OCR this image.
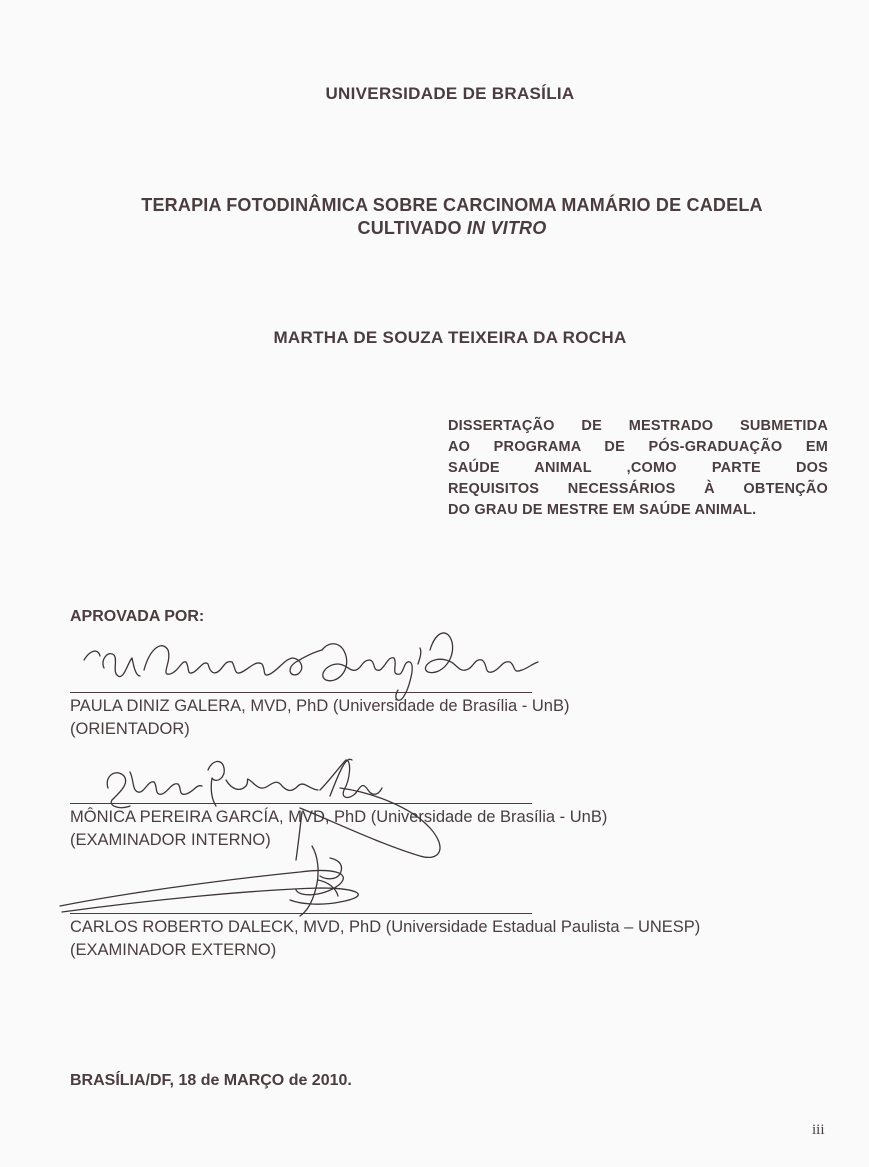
UNIVERSIDADE DE BRASÍLIA
TERAPIA FOTODINÂMICA SOBRE CARCINOMA MAMÁRIO DE CADELA
CULTIVADO IN VITRO
MARTHA DE SOUZA TEIXEIRA DA ROCHA
DISSERTAÇÃO DE MESTRADO SUBMETIDA
AO PROGRAMA DE PÓS-GRADUAÇÃO EM
SAÚDE ANIMAL ,COMO PARTE DOS
REQUISITOS NECESSÁRIOS À OBTENÇÃO
DO GRAU DE MESTRE EM SAÚDE ANIMAL.
APROVADA POR:
PAULA DINIZ GALERA, MVD, PhD (Universidade de Brasília - UnB)
(ORIENTADOR)
MÔNICA PEREIRA GARCÍA, MVD, PhD (Universidade de Brasília - UnB)
(EXAMINADOR INTERNO)
CARLOS ROBERTO DALECK, MVD, PhD (Universidade Estadual Paulista – UNESP)
(EXAMINADOR EXTERNO)
BRASÍLIA/DF, 18 de MARÇO de 2010.
iii
